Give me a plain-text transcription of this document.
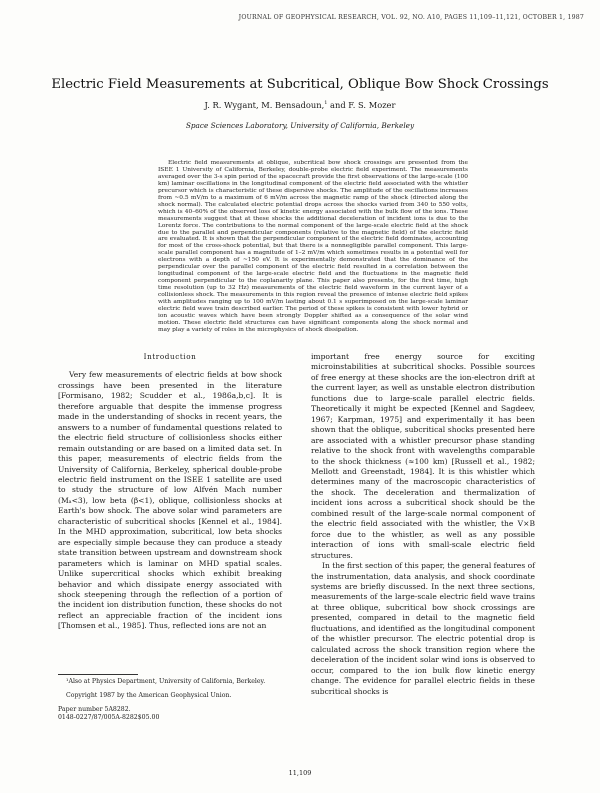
JOURNAL OF GEOPHYSICAL RESEARCH, VOL. 92, NO. A10, PAGES 11,109–11,121, OCTOBER 1, 1987
Electric Field Measurements at Subcritical, Oblique Bow Shock Crossings
J. R. Wygant, M. Bensadoun,$^1$ and F. S. Mozer
Space Sciences Laboratory, University of California, Berkeley

Electric field measurements at oblique, subcritical bow shock crossings are presented from the ISEE 1 University of California, Berkeley, double-probe electric field experiment. The measurements averaged over the 3-s spin period of the spacecraft provide the first observations of the large-scale (100 km) laminar oscillations in the longitudinal component of the electric field associated with the whistler precursor which is characteristic of these dispersive shocks. The amplitude of the oscillations increases from ~0.5 mV/m to a maximum of 6 mV/m across the magnetic ramp of the shock (directed along the shock normal). The calculated electric potential drops across the shocks varied from 340 to 550 volts, which is 40–60% of the observed loss of kinetic energy associated with the bulk flow of the ions. These measurements suggest that at these shocks the additional deceleration of incident ions is due to the Lorentz force. The contributions to the normal component of the large-scale electric field at the shock due to the parallel and perpendicular components (relative to the magnetic field) of the electric field are evaluated. It is shown that the perpendicular component of the electric field dominates, accounting for most of the cross-shock potential, but that there is a nonnegligible parallel component. This large-scale parallel component has a magnitude of 1–2 mV/m which sometimes results in a potential well for electrons with a depth of ~150 eV. It is experimentally demonstrated that the dominance of the perpendicular over the parallel component of the electric field resulted in a correlation between the longitudinal component of the large-scale electric field and the fluctuations in the magnetic field component perpendicular to the coplanarity plane. This paper also presents, for the first time, high time resolution (up to 32 Hz) measurements of the electric field waveform in the current layer of a collisionless shock. The measurements in this region reveal the presence of intense electric field spikes with amplitudes ranging up to 100 mV/m lasting about 0.1 s superimposed on the large-scale laminar electric field wave train described earlier. The period of these spikes is consistent with lower hybrid or ion acoustic waves which have been strongly Doppler shifted as a consequence of the solar wind motion. These electric field structures can have significant components along the shock normal and may play a variety of roles in the microphysics of shock dissipation.

Introduction

Very few measurements of electric fields at bow shock crossings have been presented in the literature [Formisano, 1982; Scudder et al., 1986a,b,c]. It is therefore arguable that despite the immense progress made in the understanding of shocks in recent years, the answers to a number of fundamental questions related to the electric field structure of collisionless shocks either remain outstanding or are based on a limited data set. In this paper, measurements of electric fields from the University of California, Berkeley, spherical double-probe electric field instrument on the ISEE 1 satellite are used to study the structure of low Alfvén Mach number (Mₐ<3), low beta (β<1), oblique, collisionless shocks at Earth's bow shock. The above solar wind parameters are characteristic of subcritical shocks [Kennel et al., 1984]. In the MHD approximation, subcritical, low beta shocks are especially simple because they can produce a steady state transition between upstream and downstream shock parameters which is laminar on MHD spatial scales. Unlike supercritical shocks which exhibit breaking behavior and which dissipate energy associated with shock steepening through the reflection of a portion of the incident ion distribution function, these shocks do not reflect an appreciable fraction of the incident ions [Thomsen et al., 1985]. Thus, reflected ions are not an

important free energy source for exciting microinstabilities at subcritical shocks. Possible sources of free energy at these shocks are the ion-electron drift at the current layer, as well as unstable electron distribution functions due to large-scale parallel electric fields. Theoretically it might be expected [Kennel and Sagdeev, 1967; Karpman, 1975] and experimentally it has been shown that the oblique, subcritical shocks presented here are associated with a whistler precursor phase standing relative to the shock front with wavelengths comparable to the shock thickness (≈100 km) [Russell et al., 1982; Mellott and Greenstadt, 1984]. It is this whistler which determines many of the macroscopic characteristics of the shock. The deceleration and thermalization of incident ions across a subcritical shock should be the combined result of the large-scale normal component of the electric field associated with the whistler, the V×B force due to the whistler, as well as any possible interaction of ions with small-scale electric field structures.

In the first section of this paper, the general features of the instrumentation, data analysis, and shock coordinate systems are briefly discussed. In the next three sections, measurements of the large-scale electric field wave trains at three oblique, subcritical bow shock crossings are presented, compared in detail to the magnetic field fluctuations, and identified as the longitudinal component of the whistler precursor. The electric potential drop is calculated across the shock transition region where the deceleration of the incident solar wind ions is observed to occur, compared to the ion bulk flow kinetic energy change. The evidence for parallel electric fields in these subcritical shocks is

¹Also at Physics Department, University of California, Berkeley.
Copyright 1987 by the American Geophysical Union.
Paper number 5A8282.
0148-0227/87/005A-8282$05.00
11,109
